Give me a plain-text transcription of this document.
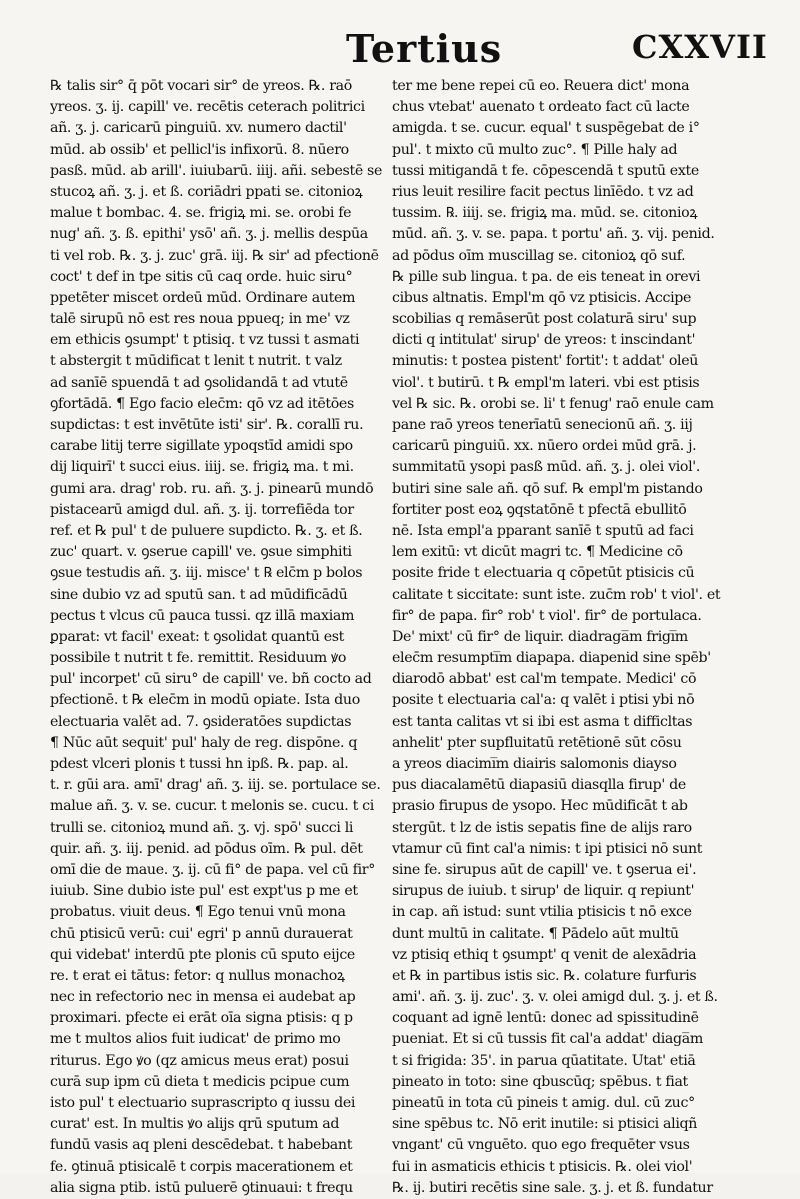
Tertius	CXXVII
℞ talis sir° q̄ pōt vocari sir° de yreos. ℞. raō
yreos. ʒ. ij. capill' ve. recētis ceterach politrici
añ. ʒ. j. caricarū pinguiū. xv. numero dactil'
mūd. ab ossib' et pellicl'is infixorū. 8. nūero
pasß. mūd. ab arill'. iuiubarū. iiij. añi. sebestē se
stucoꝝ añ. ʒ. j. et ß. coriādri ppati se. citonioꝝ
malue t bombac. 4. se. frigiꝝ mi. se. orobi fe
nug' añ. ʒ. ß. epithi' ysō' añ. ʒ. j. mellis despūa
ti vel rob. ℞. ʒ. j. zuc' grā. iij. ℞ sir' ad pfectionē
coct' t def in tpe sitis cū caq orde. huic siru°
ppetēter miscet ordeū mūd. Ordinare autem
talē sirupū nō est res noua ppueq; in me' vz
em ethicis ꝯsumpt' t ptisiq. t vz tussi t asmati
t abstergit t mūdificat t lenit t nutrit. t valz
ad sanīē spuendā t ad ꝯsolidandā t ad vtutē
ꝯfortādā. ¶ Ego facio elec̄m: qō vz ad itētōes
supdictas: t est invētūte isti' sir'. ℞. corallī ru.
carabe litij terre sigillate ypoqstīd amidi spo
dij liquirī' t succi eius. iiij. se. frigiꝝ ma. t mi.
gumi ara. drag' rob. ru. añ. ʒ. j. pinearū mundō
pistacearū amigd dul. añ. ʒ. ij. torrefiēda tor
ref. et ℞ pul' t de puluere supdicto. ℞. ʒ. et ß.
zuc' quart. v. ꝯserue capill' ve. ꝯsue simphiti
ꝯsue testudis añ. ʒ. iij. misce' t ℞ elc̄m p bolos
sine dubio vz ad sputū san. t ad mūdificādū
pectus t vlcus cū pauca tussi. qz illā maxiam
ꝑparat: vt facil' exeat: t ꝯsolidat quantū est
possibile t nutrit t fe. remittit. Residuum ꝟo
pul' incorpet' cū siru° de capill' ve. bñ cocto ad
pfectionē. t ℞ elec̄m in modū opiate. Ista duo
electuaria valēt ad. 7. ꝯsideratōes supdictas
¶ Nūc aūt sequit' pul' haly de reg. dispōne. q
pdest vlceri plonis t tussi hn ipß. ℞. pap. al.
t. r. gūi ara. amī' drag' añ. ʒ. iij. se. portulace se.
malue añ. ʒ. v. se. cucur. t melonis se. cucu. t ci
trulli se. citonioꝝ mund añ. ʒ. vj. spō' succi li
quir. añ. ʒ. iij. penid. ad pōdus oīm. ℞ pul. dēt
omī die de maue. ʒ. ij. cū fi° de papa. vel cū fir°
iuiub. Sine dubio iste pul' est expt'us p me et
probatus. viuit deus. ¶ Ego tenui vnū mona
chū ptisicū verū: cui' egri' p annū durauerat
qui videbat' interdū pte plonis cū sputo eijce
re. t erat ei tātus: fetor: q nullus monachoꝝ
nec in refectorio nec in mensa ei audebat ap
proximari. pfecte ei erāt oīa signa ptisis: q p
me t multos alios fuit iudicat' de primo mo
riturus. Ego ꝟo (qz amicus meus erat) posui
curā sup ipm cū dieta t medicis pcipue cum
isto pul' t electuario suprascripto q iussu dei
curat' est. In multis ꝟo alijs qrū sputum ad
fundū vasis aq pleni descēdebat. t habebant
fe. ꝯtinuā ptisicalē t corpis macerationem et
alia signa ptib. istū puluerē ꝯtinuaui: t frequ
ter me bene repei cū eo. Reuera dict' mona
chus vtebat' auenato t ordeato fact cū lacte
amigda. t se. cucur. equal' t suspēgebat de i°
pul'. t mixto cū multo zuc°. ¶ Pille haly ad
tussi mitigandā t fe. cōpescendā t sputū exte
rius leuit resilire facit pectus linīēdo. t vz ad
tussim. ℞. iiij. se. frigiꝝ ma. mūd. se. citonioꝝ
mūd. añ. ʒ. v. se. papa. t portu' añ. ʒ. vij. penid.
ad pōdus oīm muscillag se. citonioꝝ qō suf.
℞ pille sub lingua. t pa. de eis teneat in orevi
cibus altnatis. Empl'm qō vz ptisicis. Accipe
scobilias q remāserūt post colaturā siru' sup
dicti q intitulat' sirup' de yreos: t inscindant'
minutis: t postea pistent' fortit': t addat' oleū
viol'. t butirū. t ℞ empl'm lateri. vbi est ptisis
vel ℞ sic. ℞. orobi se. li' t fenug' raō enule cam
pane raō yreos tenerīatū senecionū añ. ʒ. iij
caricarū pinguiū. xx. nūero ordei mūd grā. j.
summitatū ysopi pasß mūd. añ. ʒ. j. olei viol'.
butiri sine sale añ. qō suf. ℞ empl'm pistando
fortiter post eoꝝ ꝯqstatōnē t pfectā ebullitō
nē. Ista empl'a pparant sanīē t sputū ad faci
lem exitū: vt dicūt magri tc. ¶ Medicine cō
posite fride t electuaria q cōpetūt ptisicis cū
calitate t siccitate: sunt iste. zuc̄m rob' t viol'. et
fir° de papa. fir° rob' t viol'. fir° de portulaca.
De' mixt' cū fir° de liquir. diadraga̅m frigi̅m
elec̄m resumpti̅m diapapa. diapenid sine spēb'
diarodō abbat' est cal'm tempate. Medici' cō
posite t electuaria cal'a: q valēt i ptisi ybi nō
est tanta calitas vt si ibi est asma t difficltas
anhelit' pter supfluitatū retētionē sūt cōsu
a yreos diacimi̅m diairis salomonis diayso
pus diacalamētū diapasiū diasqlla firup' de
prasio firupus de ysopo. Hec mūdificāt t ab
stergūt. t lz de istis sepatis fine de alijs raro
vtamur cū fint cal'a nimis: t ipi ptisici nō sunt
sine fe. sirupus aūt de capill' ve. t ꝯserua ei'.
sirupus de iuiub. t sirup' de liquir. q repiunt'
in cap. añ istud: sunt vtilia ptisicis t nō exce
dunt multū in calitate. ¶ Pādelo aūt multū
vz ptisiq ethiq t ꝯsumpt' q venit de alexādria
et ℞ in partibus istis sic. ℞. colature furfuris
ami'. añ. ʒ. ij. zuc'. ʒ. v. olei amigd dul. ʒ. j. et ß.
coquant ad ignē lentū: donec ad spissitudinē
pueniat. Et si cū tussis fit cal'a addat' diaga̅m
t si frigida: 35'. in parua qūatitate. Utat' etiā
pineato in toto: sine qbuscūq; spēbus. t fiat
pineatū in tota cū pineis t amig. dul. cū zuc°
sine spēbus tc. Nō erit inutile: si ptisici aliqñ
vngant' cū vnguēto. quo ego frequēter vsus
fui in asmaticis ethicis t ptisicis. ℞. olei viol'
℞. ij. butiri recētis sine sale. ʒ. j. et ß. fundatur
